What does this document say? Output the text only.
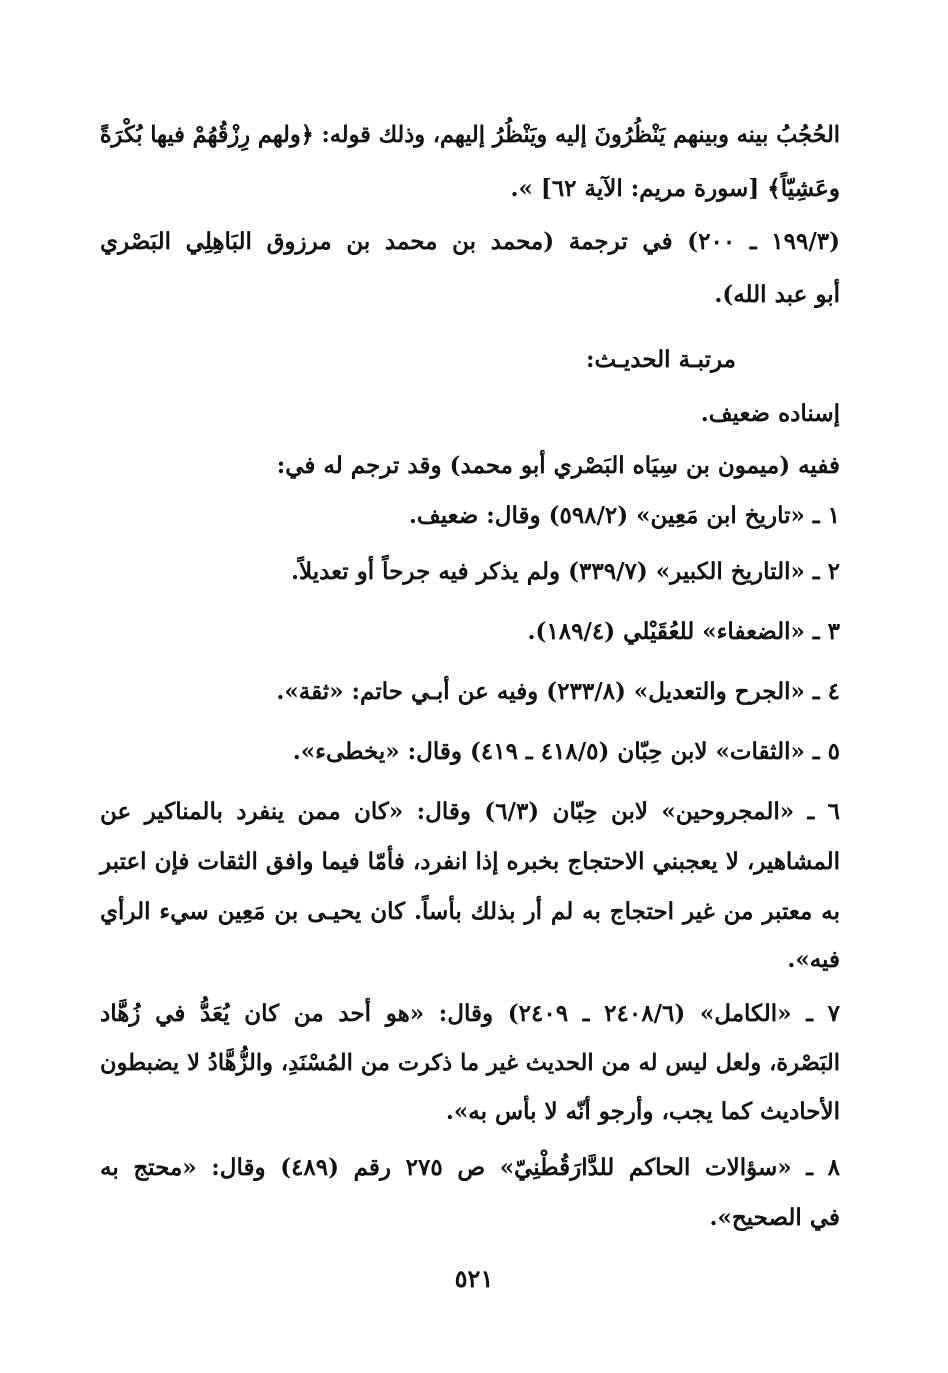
الحُجُبُ بينه وبينهم يَنْظُرُونَ إليه ويَنْظُرُ إليهم، وذلك قوله: ﴿ولهم رِزْقُهُمْ فيها بُكْرَةً
وعَشِيّاً﴾ [سورة مريم: الآية ٦٢] ».
(١٩٩/٣ ـ ٢٠٠) في ترجمة (محمد بن محمد بن مرزوق البَاهِلِي البَصْري
أبو عبد الله).
مرتبـة الحديـث:
إسناده ضعيف.
ففيه (ميمون بن سِيَاه البَصْري أبو محمد) وقد ترجم له في:
١ ـ «تاريخ ابن مَعِين» (٥٩٨/٢) وقال: ضعيف.
٢ ـ «التاريخ الكبير» (٣٣٩/٧) ولم يذكر فيه جرحاً أو تعديلاً.
٣ ـ «الضعفاء» للعُقَيْلي (١٨٩/٤).
٤ ـ «الجرح والتعديل» (٢٣٣/٨) وفيه عن أبـي حاتم: «ثقة».
٥ ـ «الثقات» لابن حِبّان (٤١٨/٥ ـ ٤١٩) وقال: «يخطىء».
٦ ـ «المجروحين» لابن حِبّان (٦/٣) وقال: «كان ممن ينفرد بالمناكير عن
المشاهير، لا يعجبني الاحتجاج بخبره إذا انفرد، فأمّا فيما وافق الثقات فإن اعتبر
به معتبر من غير احتجاج به لم أر بذلك بأساً. كان يحيـى بن مَعِين سيء الرأي
فيه».
٧ ـ «الكامل» (٢٤٠٨/٦ ـ ٢٤٠٩) وقال: «هو أحد من كان يُعَدُّ في زُهَّاد
البَصْرة، ولعل ليس له من الحديث غير ما ذكرت من المُسْنَدِ، والزُّهَّادُ لا يضبطون
الأحاديث كما يجب، وأرجو أنّه لا بأس به».
٨ ـ «سؤالات الحاكم للدَّارَقُطْنِيّ» ص ٢٧٥ رقم (٤٨٩) وقال: «محتج به
في الصحيح».
٥٢١
